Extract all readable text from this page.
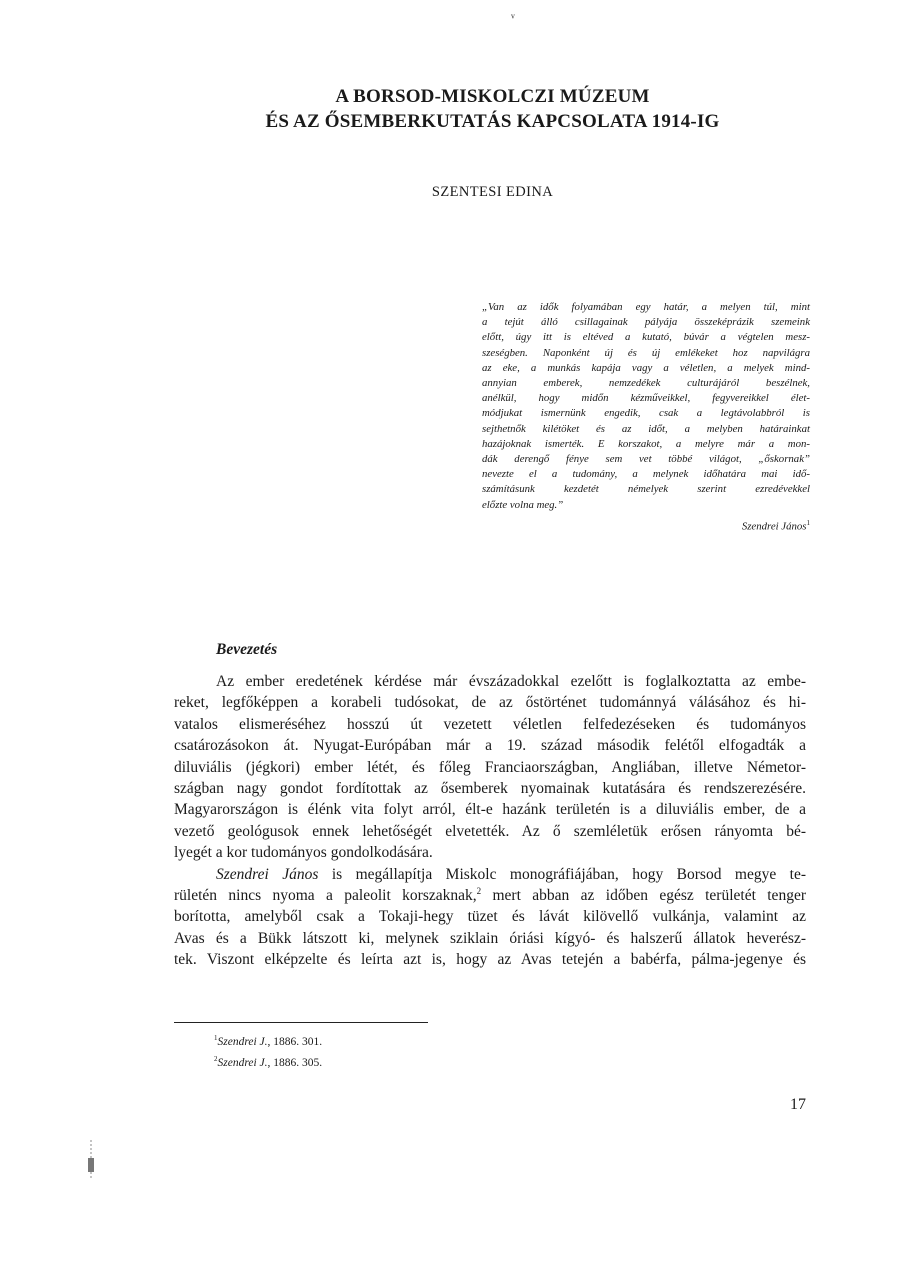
ᵛ
A BORSOD-MISKOLCZI MÚZEUM
ÉS AZ ŐSEMBERKUTATÁS KAPCSOLATA 1914-IG
SZENTESI EDINA
„Van az idők folyamában egy határ, a melyen túl, mint
a tejút álló csillagainak pályája összeképrázik szemeink
előtt, úgy itt is eltéved a kutató, búvár a végtelen mesz-
szeségben. Naponként új és új emlékeket hoz napvilágra
az eke, a munkás kapája vagy a véletlen, a melyek mind-
annyian emberek, nemzedékek culturájáról beszélnek,
anélkül, hogy midőn kézműveikkel, fegyvereikkel élet-
módjukat ismernünk engedik, csak a legtávolabbról is
sejthetnők kilétöket és az időt, a melyben határainkat
hazájoknak ismerték. E korszakot, a melyre már a mon-
dák derengő fénye sem vet többé világot, „őskornak”
nevezte el a tudomány, a melynek időhatára mai idő-
számításunk kezdetét némelyek szerint ezredévekkel
előzte volna meg.”
Szendrei János$^1$
Bevezetés
Az ember eredetének kérdése már évszázadokkal ezelőtt is foglalkoztatta az embe-
reket, legfőképpen a korabeli tudósokat, de az őstörténet tudománnyá válásához és hi-
vatalos elismeréséhez hosszú út vezetett véletlen felfedezéseken és tudományos
csatározásokon át. Nyugat-Európában már a 19. század második felétől elfogadták a
diluviális (jégkori) ember létét, és főleg Franciaországban, Angliában, illetve Németor-
szágban nagy gondot fordítottak az ősemberek nyomainak kutatására és rendszerezésére.
Magyarországon is élénk vita folyt arról, élt-e hazánk területén is a diluviális ember, de a
vezető geológusok ennek lehetőségét elvetették. Az ő szemléletük erősen rányomta bé-
lyegét a kor tudományos gondolkodására.
Szendrei János is megállapítja Miskolc monográfiájában, hogy Borsod megye te-
rületén nincs nyoma a paleolit korszaknak,$^2$ mert abban az időben egész területét tenger
borította, amelyből csak a Tokaji-hegy tüzet és lávát kilövellő vulkánja, valamint az
Avas és a Bükk látszott ki, melynek sziklain óriási kígyó- és halszerű állatok heverész-
tek. Viszont elképzelte és leírta azt is, hogy az Avas tetején a babérfa, pálma-jegenye és
$^1$Szendrei J., 1886. 301.
$^2$Szendrei J., 1886. 305.
17
